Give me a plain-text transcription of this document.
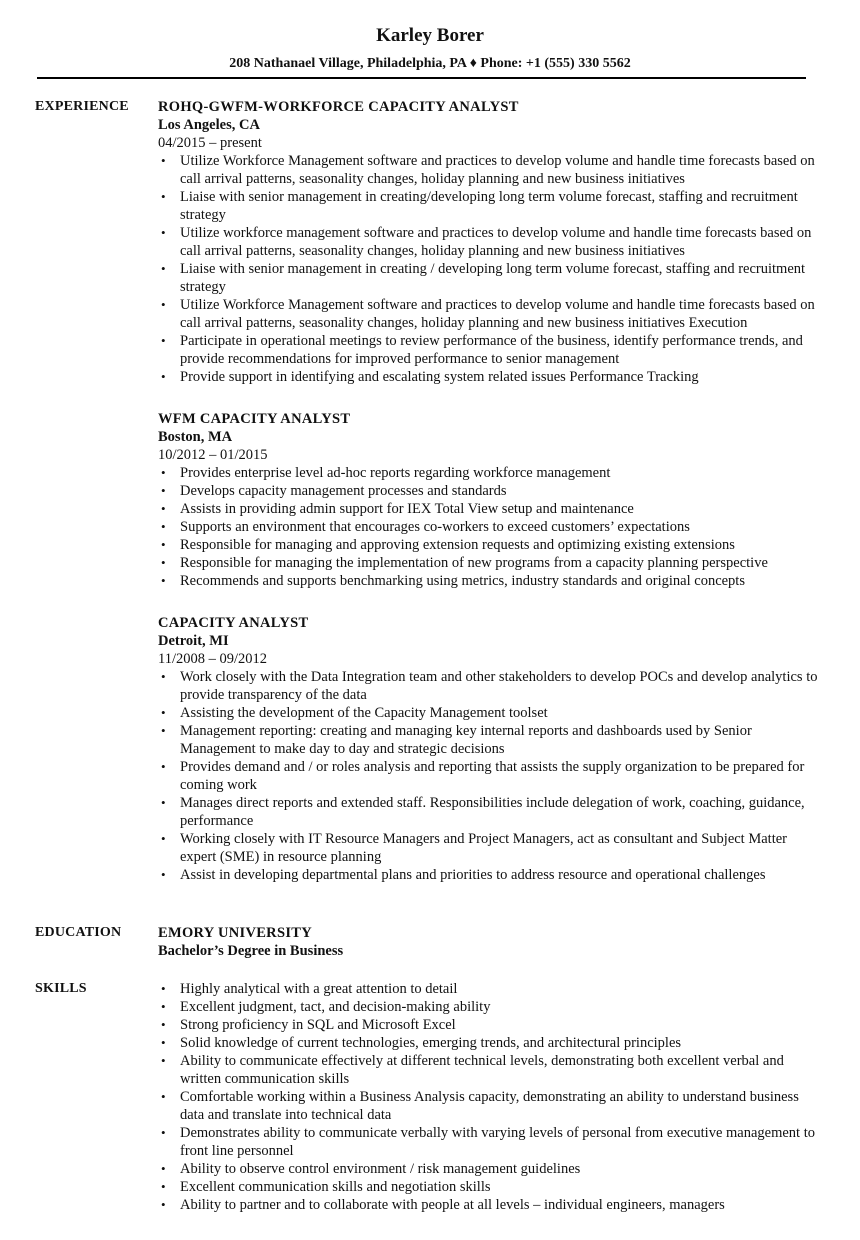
Karley Borer
208 Nathanael Village, Philadelphia, PA ♦ Phone: +1 (555) 330 5562
EXPERIENCE	ROHQ-GWFM-WORKFORCE CAPACITY ANALYST
Los Angeles, CA
04/2015 – present
• Utilize Workforce Management software and practices to develop volume and handle time forecasts based on call arrival patterns, seasonality changes, holiday planning and new business initiatives
• Liaise with senior management in creating/developing long term volume forecast, staffing and recruitment strategy
• Utilize workforce management software and practices to develop volume and handle time forecasts based on call arrival patterns, seasonality changes, holiday planning and new business initiatives
• Liaise with senior management in creating / developing long term volume forecast, staffing and recruitment strategy
• Utilize Workforce Management software and practices to develop volume and handle time forecasts based on call arrival patterns, seasonality changes, holiday planning and new business initiatives Execution
• Participate in operational meetings to review performance of the business, identify performance trends, and provide recommendations for improved performance to senior management
• Provide support in identifying and escalating system related issues Performance Tracking
WFM CAPACITY ANALYST
Boston, MA
10/2012 – 01/2015
• Provides enterprise level ad-hoc reports regarding workforce management
• Develops capacity management processes and standards
• Assists in providing admin support for IEX Total View setup and maintenance
• Supports an environment that encourages co-workers to exceed customers’ expectations
• Responsible for managing and approving extension requests and optimizing existing extensions
• Responsible for managing the implementation of new programs from a capacity planning perspective
• Recommends and supports benchmarking using metrics, industry standards and original concepts
CAPACITY ANALYST
Detroit, MI
11/2008 – 09/2012
• Work closely with the Data Integration team and other stakeholders to develop POCs and develop analytics to provide transparency of the data
• Assisting the development of the Capacity Management toolset
• Management reporting: creating and managing key internal reports and dashboards used by Senior Management to make day to day and strategic decisions
• Provides demand and / or roles analysis and reporting that assists the supply organization to be prepared for coming work
• Manages direct reports and extended staff. Responsibilities include delegation of work, coaching, guidance, performance
• Working closely with IT Resource Managers and Project Managers, act as consultant and Subject Matter expert (SME) in resource planning
• Assist in developing departmental plans and priorities to address resource and operational challenges
EDUCATION	EMORY UNIVERSITY
Bachelor’s Degree in Business
SKILLS	• Highly analytical with a great attention to detail
• Excellent judgment, tact, and decision-making ability
• Strong proficiency in SQL and Microsoft Excel
• Solid knowledge of current technologies, emerging trends, and architectural principles
• Ability to communicate effectively at different technical levels, demonstrating both excellent verbal and written communication skills
• Comfortable working within a Business Analysis capacity, demonstrating an ability to understand business data and translate into technical data
• Demonstrates ability to communicate verbally with varying levels of personal from executive management to front line personnel
• Ability to observe control environment / risk management guidelines
• Excellent communication skills and negotiation skills
• Ability to partner and to collaborate with people at all levels – individual engineers, managers
